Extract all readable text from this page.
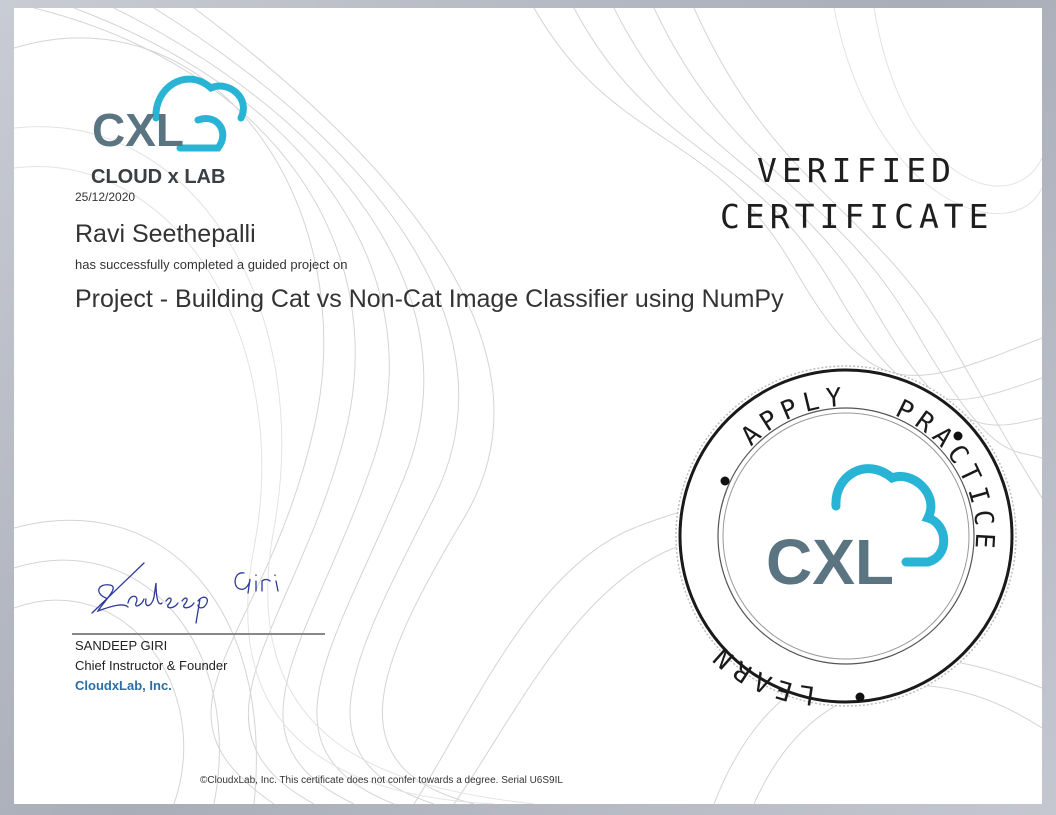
CXL
CLOUD x LAB
25/12/2020
Ravi Seethepalli
has successfully completed a guided project on
Project - Building Cat vs Non-Cat Image Classifier using NumPy
VERIFIED
CERTIFICATE
SANDEEP GIRI
Chief Instructor & Founder
CloudxLab, Inc.
APPLY PRACTICE
LEARN
CXL
©CloudxLab, Inc. This certificate does not confer towards a degree. Serial U6S9IL
